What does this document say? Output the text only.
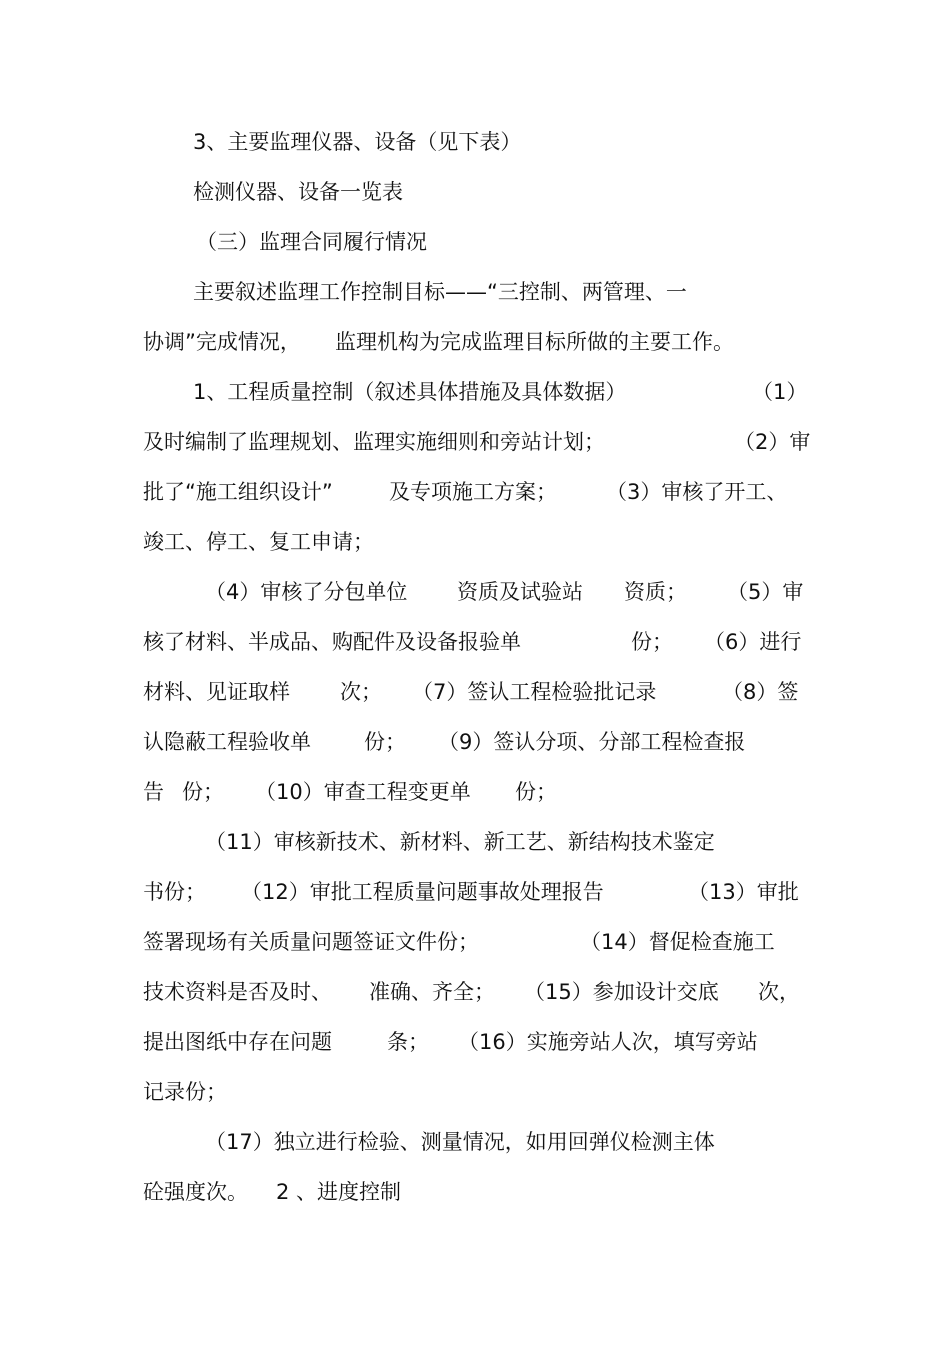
3、主要监理仪器、设备（见下表）
检测仪器、设备一览表
（三）监理合同履行情况
主要叙述监理工作控制目标——“三控制、两管理、一
协调”完成情况， 监理机构为完成监理目标所做的主要工作。
1、工程质量控制（叙述具体措施及具体数据）	（1）
及时编制了监理规划、监理实施细则和旁站计划；	（2）审
批了“施工组织设计”	及专项施工方案； （3）审核了开工、
竣工、停工、复工申请；
（4）审核了分包单位 资质及试验站 资质； （5）审
核了材料、半成品、购配件及设备报验单	份； （6）进行
材料、见证取样 次； （7）签认工程检验批记录	（8）签
认隐蔽工程验收单	份； （9）签认分项、分部工程检查报
告 份； （10）审查工程变更单 份；
（11）审核新技术、新材料、新工艺、新结构技术鉴定
书份； （12）审批工程质量问题事故处理报告	（13）审批
签署现场有关质量问题签证文件份；	（14）督促检查施工
技术资料是否及时、 准确、齐全； （15）参加设计交底 次，
提出图纸中存在问题	条； （16）实施旁站人次，填写旁站
记录份；
（17）独立进行检验、测量情况，如用回弹仪检测主体
砼强度次。 2 、进度控制
